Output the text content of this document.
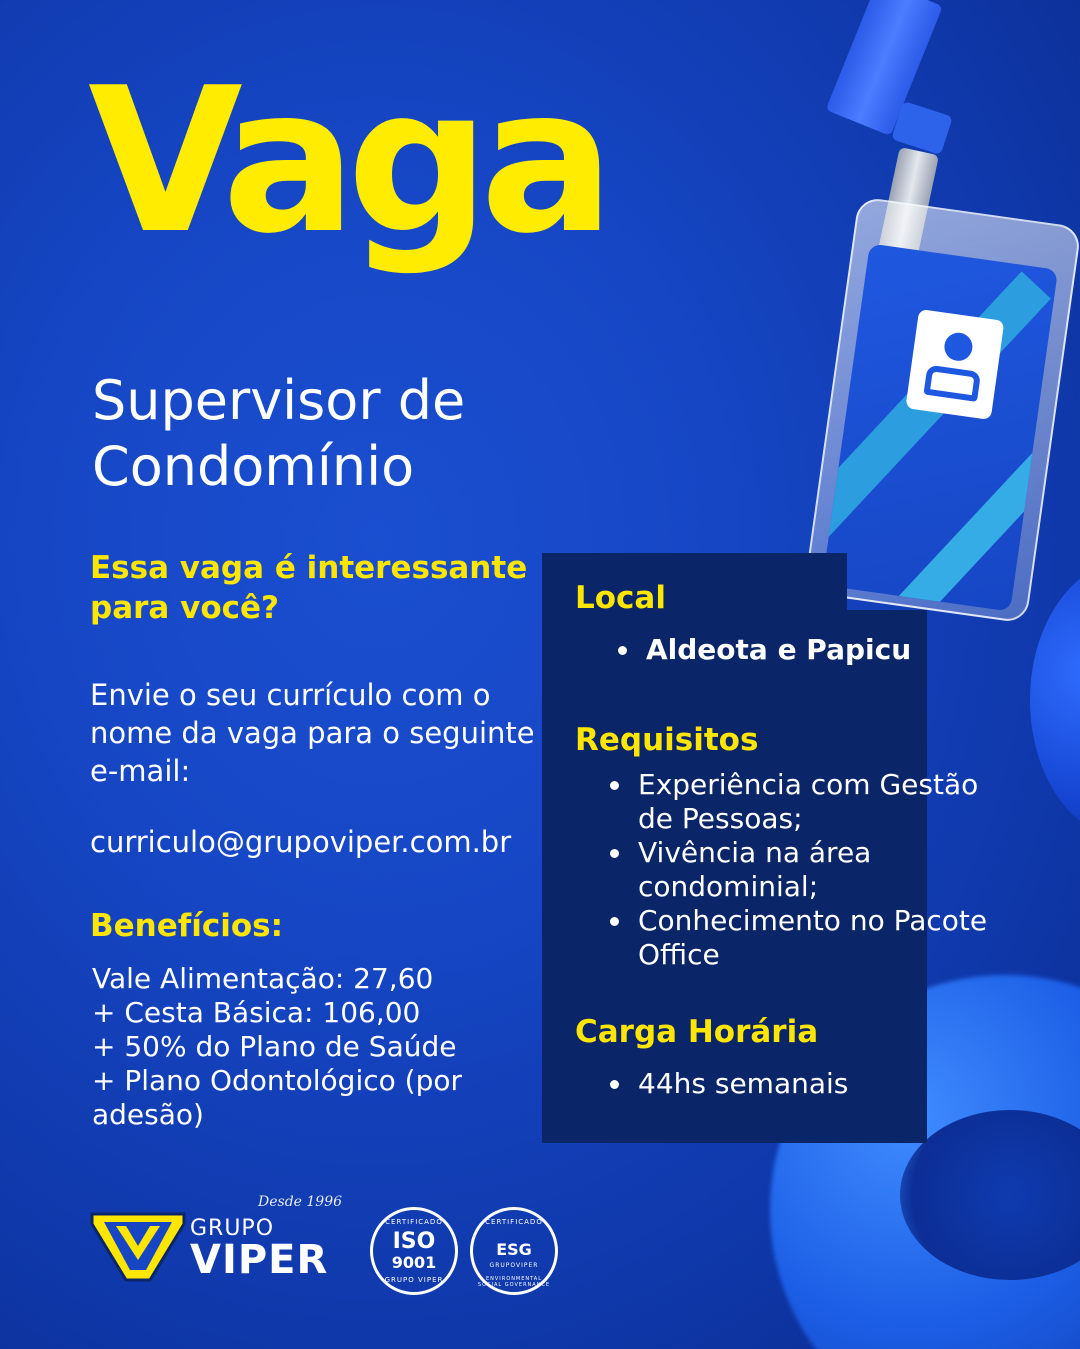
Vaga
Supervisor de
Condomínio
Essa vaga é interessante para você?
Envie o seu currículo com o nome da vaga para o seguinte e-mail:
curriculo@grupoviper.com.br
Benefícios:
Vale Alimentação: 27,60
+ Cesta Básica: 106,00
+ 50% do Plano de Saúde
+ Plano Odontológico (por adesão)
Local
Aldeota e Papicu
Requisitos
Experiência com Gestão de Pessoas;
Vivência na área condominial;
Conhecimento no Pacote Office
Carga Horária
44hs semanais
Desde 1996
GRUPO
VIPER
CERTIFICADO
ISO
9001
GRUPO VIPER
CERTIFICADO
ESG
GRUPOVIPER
ENVIRONMENTAL SOCIAL GOVERNANCE
